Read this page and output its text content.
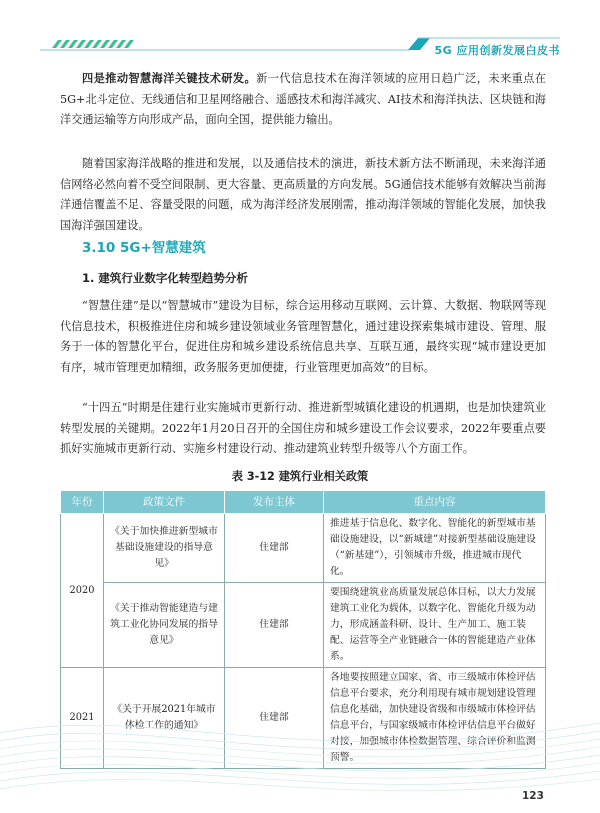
5G 应用创新发展白皮书

四是推动智慧海洋关键技术研发。新一代信息技术在海洋领域的应用日趋广泛，未来重点在5G+北斗定位、无线通信和卫星网络融合、遥感技术和海洋减灾、AI技术和海洋执法、区块链和海洋交通运输等方向形成产品，面向全国，提供能力输出。

随着国家海洋战略的推进和发展，以及通信技术的演进，新技术新方法不断涌现，未来海洋通信网络必然向着不受空间限制、更大容量、更高质量的方向发展。5G通信技术能够有效解决当前海洋通信覆盖不足、容量受限的问题，成为海洋经济发展刚需，推动海洋领域的智能化发展，加快我国海洋强国建设。

3.10 5G+智慧建筑
1. 建筑行业数字化转型趋势分析

“智慧住建”是以“智慧城市”建设为目标，综合运用移动互联网、云计算、大数据、物联网等现代信息技术，积极推进住房和城乡建设领域业务管理智慧化，通过建设探索集城市建设、管理、服务于一体的智慧化平台，促进住房和城乡建设系统信息共享、互联互通，最终实现“城市建设更加有序，城市管理更加精细，政务服务更加便捷，行业管理更加高效”的目标。

“十四五”时期是住建行业实施城市更新行动、推进新型城镇化建设的机遇期，也是加快建筑业转型发展的关键期。2022年1月20日召开的全国住房和城乡建设工作会议要求，2022年要重点要抓好实施城市更新行动、实施乡村建设行动、推动建筑业转型升级等八个方面工作。

表 3-12 建筑行业相关政策
年份	政策文件	发布主体	重点内容
2020	《关于加快推进新型城市基础设施建设的指导意见》	住建部	推进基于信息化、数字化、智能化的新型城市基础设施建设，以“新城建”对接新型基础设施建设（“新基建”），引领城市升级，推进城市现代化。
	《关于推动智能建造与建筑工业化协同发展的指导意见》	住建部	要围绕建筑业高质量发展总体目标，以大力发展建筑工业化为载体，以数字化、智能化升级为动力，形成涵盖科研、设计、生产加工、施工装配、运营等全产业链融合一体的智能建造产业体系。
2021	《关于开展2021年城市体检工作的通知》	住建部	各地要按照建立国家、省、市三级城市体检评估信息平台要求，充分利用现有城市规划建设管理信息化基础，加快建设省级和市级城市体检评估信息平台，与国家级城市体检评估信息平台做好对接，加强城市体检数据管理、综合评价和监测预警。
123
